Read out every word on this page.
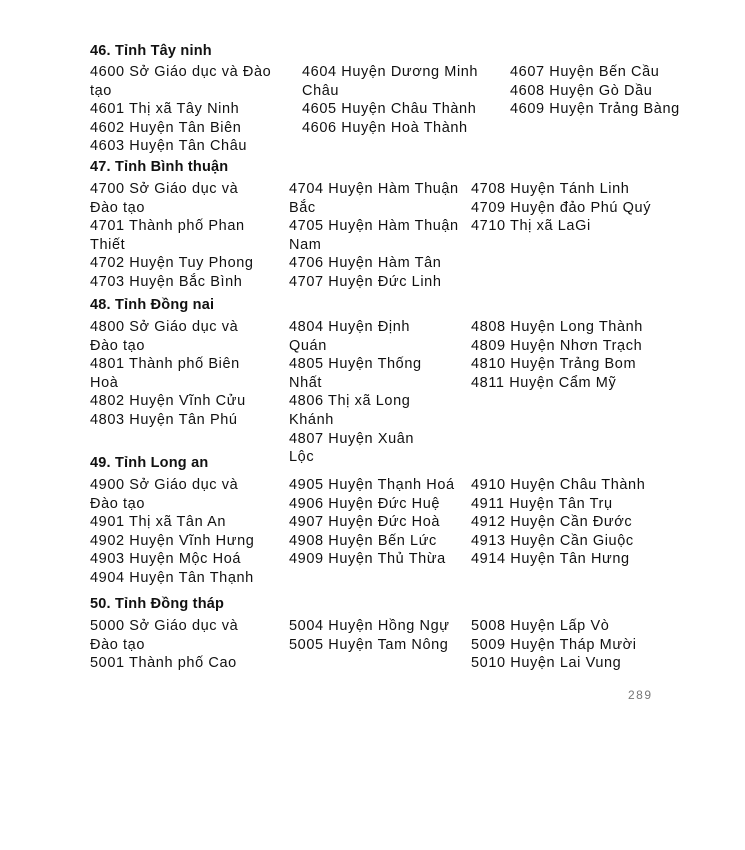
46. Tỉnh Tây ninh

4600 Sở Giáo dục và Đào tạo

4601 Thị xã Tây Ninh

4602 Huyện Tân Biên

4603 Huyện Tân Châu

4604 Huyện Dương Minh Châu

4605 Huyện Châu Thành

4606 Huyện Hoà Thành

4607 Huyện Bến Cầu

4608 Huyện Gò Dầu

4609 Huyện Trảng Bàng

47. Tỉnh Bình thuận

4700 Sở Giáo dục và Đào tạo

4701 Thành phố Phan Thiết

4702 Huyện Tuy Phong

4703 Huyện Bắc Bình

4704 Huyện Hàm Thuận Bắc

4705 Huyện Hàm Thuận Nam

4706 Huyện Hàm Tân

4707 Huyện Đức Linh

4708 Huyện Tánh Linh

4709 Huyện đảo Phú Quý

4710 Thị xã LaGi

48. Tỉnh Đồng nai

4800 Sở Giáo dục và Đào tạo

4801 Thành phố Biên Hoà

4802 Huyện Vĩnh Cửu

4803 Huyện Tân Phú

4804 Huyện Định Quán

4805 Huyện Thống Nhất

4806 Thị xã Long Khánh

4807 Huyện Xuân Lộc

4808 Huyện Long Thành

4809 Huyện Nhơn Trạch

4810 Huyện Trảng Bom

4811 Huyện Cẩm Mỹ

49. Tỉnh Long an

4900 Sở Giáo dục và Đào tạo

4901 Thị xã Tân An

4902 Huyện Vĩnh Hưng

4903 Huyện Mộc Hoá

4904 Huyện Tân Thạnh

4905 Huyện Thạnh Hoá

4906 Huyện Đức Huệ

4907 Huyện Đức Hoà

4908 Huyện Bến Lức

4909 Huyện Thủ Thừa

4910 Huyện Châu Thành

4911 Huyện Tân Trụ

4912 Huyện Cần Đước

4913 Huyện Cần Giuộc

4914 Huyện Tân Hưng

50. Tỉnh Đồng tháp

5000 Sở Giáo dục và Đào tạo

5001 Thành phố Cao

5004 Huyện Hồng Ngự

5005 Huyện Tam Nông

5008 Huyện Lấp Vò

5009 Huyện Tháp Mười

5010 Huyện Lai Vung

289
